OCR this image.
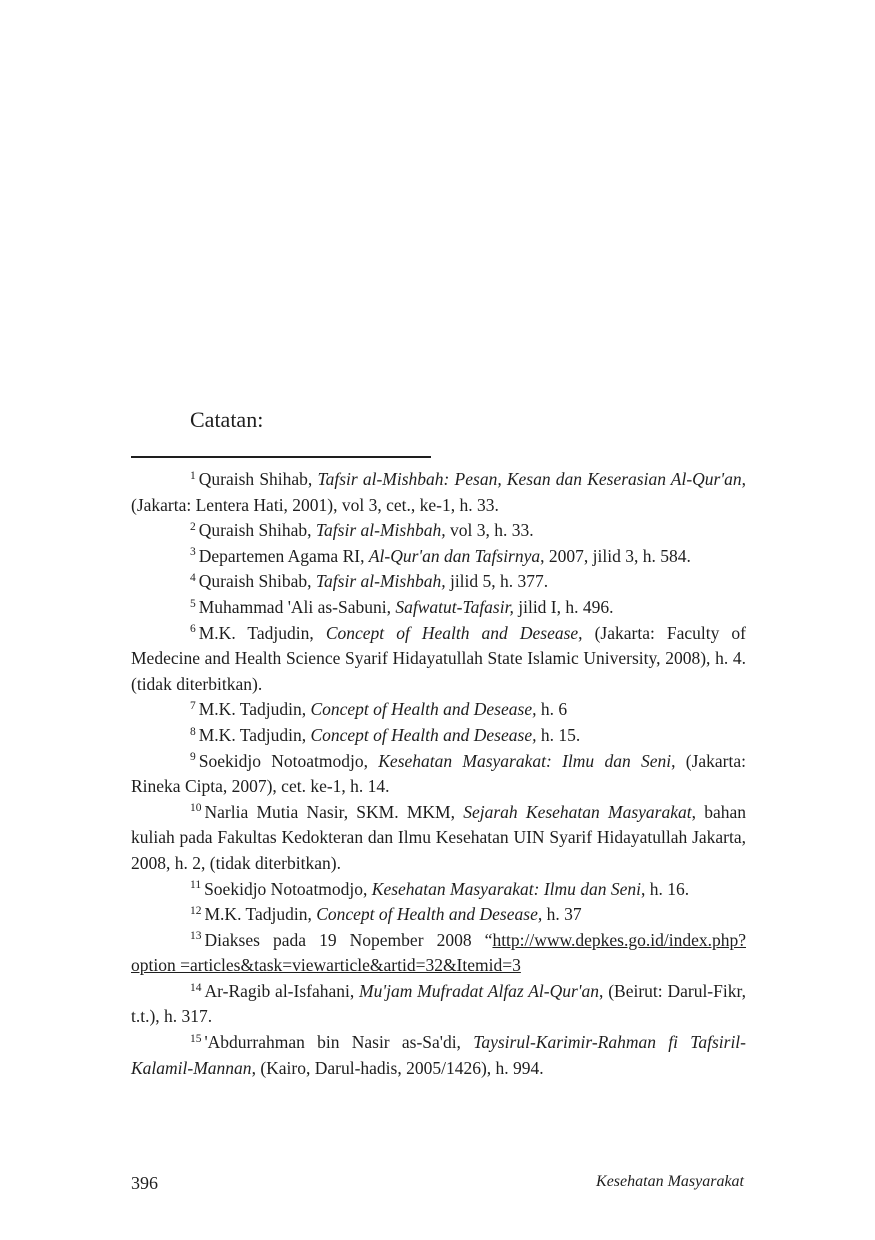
Catatan:

$^1$ Quraish Shihab, Tafsir al-Mishbah: Pesan, Kesan dan Keserasian Al-Qur'an, (Jakarta: Lentera Hati, 2001), vol 3, cet., ke-1, h. 33.

$^2$ Quraish Shihab, Tafsir al-Mishbah, vol 3, h. 33.

$^3$ Departemen Agama RI, Al-Qur'an dan Tafsirnya, 2007, jilid 3, h. 584.

$^4$ Quraish Shibab, Tafsir al-Mishbah, jilid 5, h. 377.

$^5$ Muhammad 'Ali as-Sabuni, Safwatut-Tafasir, jilid I, h. 496.

$^6$ M.K. Tadjudin, Concept of Health and Desease, (Jakarta: Faculty of Medecine and Health Science Syarif Hidayatullah State Islamic University, 2008), h. 4. (tidak diterbitkan).

$^7$ M.K. Tadjudin, Concept of Health and Desease, h. 6

$^8$ M.K. Tadjudin, Concept of Health and Desease, h. 15.

$^9$ Soekidjo Notoatmodjo, Kesehatan Masyarakat: Ilmu dan Seni, (Jakarta: Rineka Cipta, 2007), cet. ke-1, h. 14.

$^{10}$ Narlia Mutia Nasir, SKM. MKM, Sejarah Kesehatan Masyarakat, bahan kuliah pada Fakultas Kedokteran dan Ilmu Kesehatan UIN Syarif Hidayatullah Jakarta, 2008, h. 2, (tidak diterbitkan).

$^{11}$ Soekidjo Notoatmodjo, Kesehatan Masyarakat: Ilmu dan Seni, h. 16.

$^{12}$ M.K. Tadjudin, Concept of Health and Desease, h. 37

$^{13}$ Diakses pada 19 Nopember 2008 “http://www.depkes.go.id/index.php?option =articles&task=viewarticle&artid=32&Itemid=3

$^{14}$ Ar-Ragib al-Isfahani, Mu'jam Mufradat Alfaz Al-Qur'an, (Beirut: Darul-Fikr, t.t.), h. 317.

$^{15}$ 'Abdurrahman bin Nasir as-Sa'di, Taysirul-Karimir-Rahman fi Tafsiril-Kalamil-Mannan, (Kairo, Darul-hadis, 2005/1426), h. 994.

396	Kesehatan Masyarakat
